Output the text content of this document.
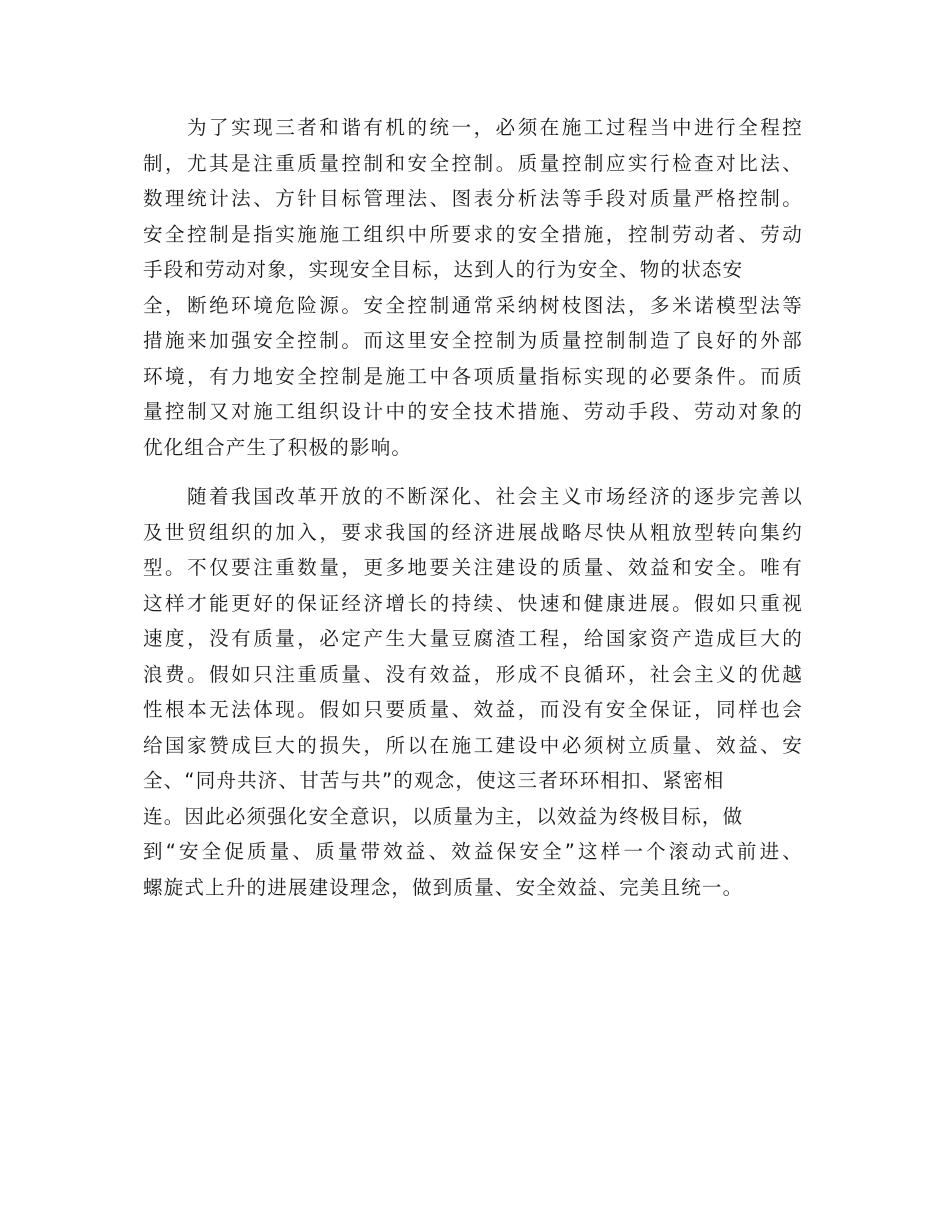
为了实现三者和谐有机的统一，必须在施工过程当中进行全程控
制，尤其是注重质量控制和安全控制。质量控制应实行检查对比法、
数理统计法、方针目标管理法、图表分析法等手段对质量严格控制。
安全控制是指实施施工组织中所要求的安全措施，控制劳动者、劳动
手段和劳动对象，实现安全目标，达到人的行为安全、物的状态安
全，断绝环境危险源。安全控制通常采纳树枝图法，多米诺模型法等
措施来加强安全控制。而这里安全控制为质量控制制造了良好的外部
环境，有力地安全控制是施工中各项质量指标实现的必要条件。而质
量控制又对施工组织设计中的安全技术措施、劳动手段、劳动对象的
优化组合产生了积极的影响。
随着我国改革开放的不断深化、社会主义市场经济的逐步完善以
及世贸组织的加入，要求我国的经济进展战略尽快从粗放型转向集约
型。不仅要注重数量，更多地要关注建设的质量、效益和安全。唯有
这样才能更好的保证经济增长的持续、快速和健康进展。假如只重视
速度，没有质量，必定产生大量豆腐渣工程，给国家资产造成巨大的
浪费。假如只注重质量、没有效益，形成不良循环，社会主义的优越
性根本无法体现。假如只要质量、效益，而没有安全保证，同样也会
给国家赞成巨大的损失，所以在施工建设中必须树立质量、效益、安
全、“同舟共济、甘苦与共”的观念，使这三者环环相扣、紧密相
连。因此必须强化安全意识，以质量为主，以效益为终极目标，做
到“安全促质量、质量带效益、效益保安全”这样一个滚动式前进、
螺旋式上升的进展建设理念，做到质量、安全效益、完美且统一。
